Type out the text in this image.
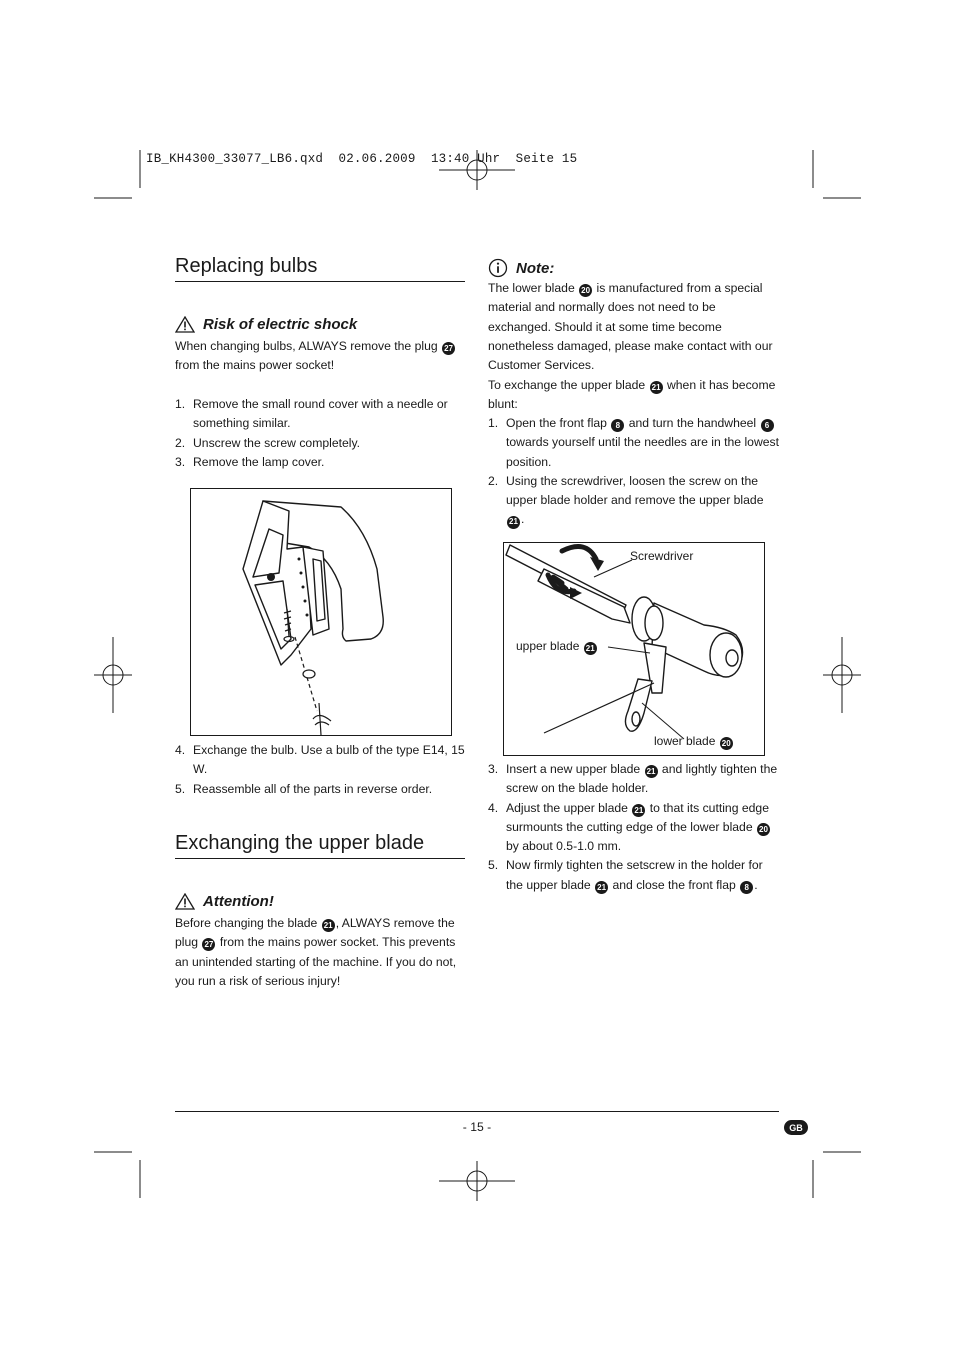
IB_KH4300_33077_LB6.qxd  02.06.2009  13:40 Uhr  Seite 15
Replacing bulbs
Risk of electric shock
When changing bulbs, ALWAYS remove the plug 27 from the mains power socket!
1. Remove the small round cover with a needle or something similar.
2. Unscrew the screw completely.
3. Remove the lamp cover.
4. Exchange the bulb. Use a bulb of the type E14, 15 W.
5. Reassemble all of the parts in reverse order.
Exchanging the upper blade
Attention!
Before changing the blade 21 , ALWAYS remove the plug 27 from the mains power socket. This prevents an unintended starting of the machine. If you do not, you run a risk of serious injury!
Note:
The lower blade 20 is manufactured from a special material and normally does not need to be exchanged. Should it at some time become nonetheless damaged, please make contact with our Customer Services.
To exchange the upper blade 21 when it has become blunt:
1. Open the front flap 8 and turn the handwheel 6 towards yourself until the needles are in the lowest position.
2. Using the screwdriver, loosen the screw on the upper blade holder and remove the upper blade 21 .
Screwdriver
upper blade 21
lower blade 20
3. Insert a new upper blade 21 and lightly tighten the screw on the blade holder.
4. Adjust the upper blade 21 to that its cutting edge surmounts the cutting edge of the lower blade 20 by about 0.5-1.0 mm.
5. Now firmly tighten the setscrew in the holder for the upper blade 21 and close the front flap 8 .
- 15 -	GB
